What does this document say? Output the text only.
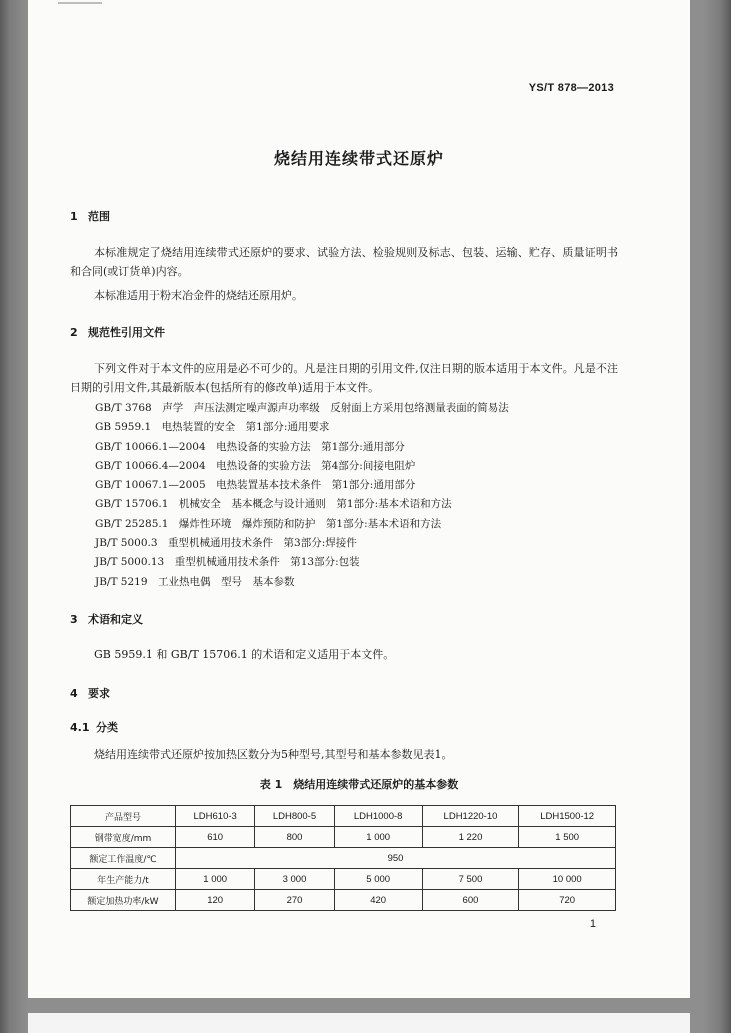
YS/T 878—2013
烧结用连续带式还原炉
1 范围
本标准规定了烧结用连续带式还原炉的要求、试验方法、检验规则及标志、包装、运输、贮存、质量证明书和合同(或订货单)内容。
本标准适用于粉末冶金件的烧结还原用炉。
2 规范性引用文件
下列文件对于本文件的应用是必不可少的。凡是注日期的引用文件,仅注日期的版本适用于本文件。凡是不注日期的引用文件,其最新版本(包括所有的修改单)适用于本文件。
GB/T 3768　声学　声压法测定噪声源声功率级　反射面上方采用包络测量表面的简易法
GB 5959.1　电热装置的安全　第1部分:通用要求
GB/T 10066.1—2004　电热设备的实验方法　第1部分:通用部分
GB/T 10066.4—2004　电热设备的实验方法　第4部分:间接电阻炉
GB/T 10067.1—2005　电热装置基本技术条件　第1部分:通用部分
GB/T 15706.1　机械安全　基本概念与设计通则　第1部分:基本术语和方法
GB/T 25285.1　爆炸性环境　爆炸预防和防护　第1部分:基本术语和方法
JB/T 5000.3　重型机械通用技术条件　第3部分:焊接件
JB/T 5000.13　重型机械通用技术条件　第13部分:包装
JB/T 5219　工业热电偶　型号　基本参数
3 术语和定义
GB 5959.1 和 GB/T 15706.1 的术语和定义适用于本文件。
4 要求
4.1 分类
烧结用连续带式还原炉按加热区数分为5种型号,其型号和基本参数见表1。
表 1　烧结用连续带式还原炉的基本参数
产品型号	LDH610-3	LDH800-5	LDH1000-8	LDH1220-10	LDH1500-12
钢带宽度/mm	610	800	1 000	1 220	1 500
额定工作温度/℃	950				
年生产能力/t	1 000	3 000	5 000	7 500	10 000
额定加热功率/kW	120	270	420	600	720
1
